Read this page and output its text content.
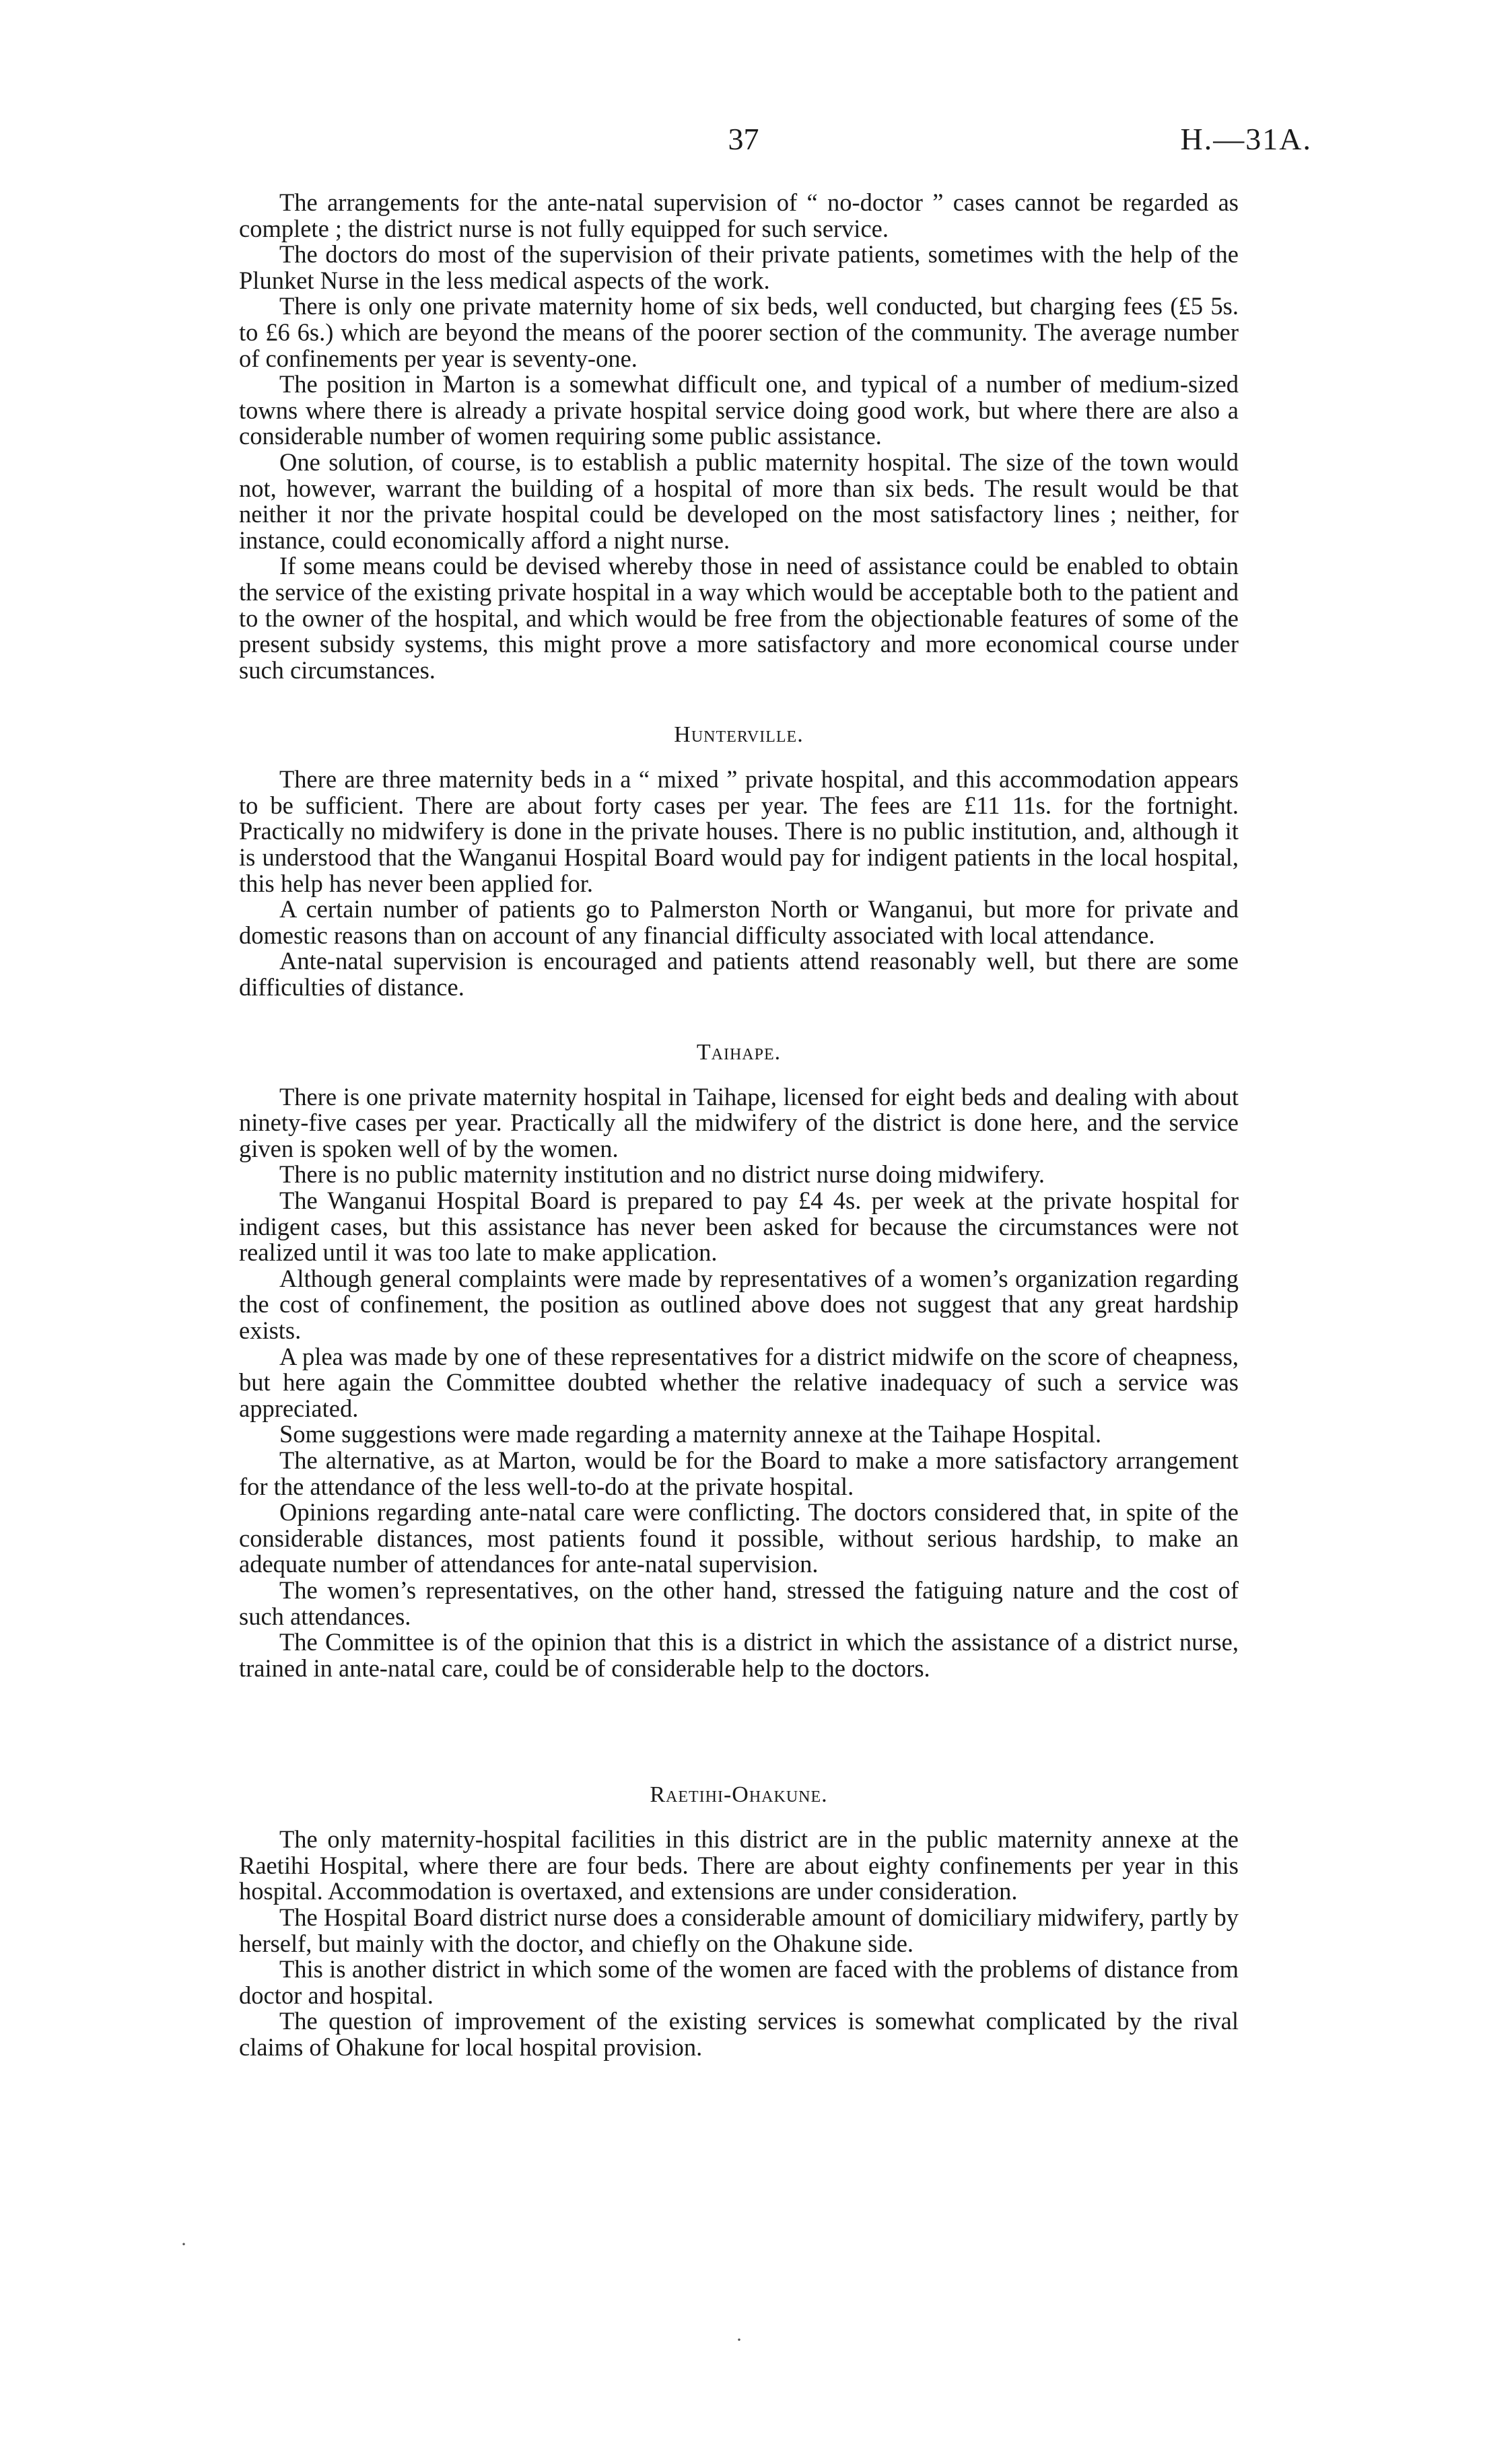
37	H.—31A.

The arrangements for the ante-natal supervision of “ no-doctor ” cases cannot be regarded as complete ; the district nurse is not fully equipped for such service.

The doctors do most of the supervision of their private patients, sometimes with the help of the Plunket Nurse in the less medical aspects of the work.

There is only one private maternity home of six beds, well conducted, but charging fees (£5 5s. to £6 6s.) which are beyond the means of the poorer section of the community. The average number of confinements per year is seventy-one.

The position in Marton is a somewhat difficult one, and typical of a number of medium-sized towns where there is already a private hospital service doing good work, but where there are also a considerable number of women requiring some public assistance.

One solution, of course, is to establish a public maternity hospital. The size of the town would not, however, warrant the building of a hospital of more than six beds. The result would be that neither it nor the private hospital could be developed on the most satisfactory lines ; neither, for instance, could economically afford a night nurse.

If some means could be devised whereby those in need of assistance could be enabled to obtain the service of the existing private hospital in a way which would be acceptable both to the patient and to the owner of the hospital, and which would be free from the objectionable features of some of the present subsidy systems, this might prove a more satisfactory and more economical course under such circumstances.

Hunterville.

There are three maternity beds in a “ mixed ” private hospital, and this accommodation appears to be sufficient. There are about forty cases per year. The fees are £11 11s. for the fortnight. Practically no midwifery is done in the private houses. There is no public institution, and, although it is understood that the Wanganui Hospital Board would pay for indigent patients in the local hospital, this help has never been applied for.

A certain number of patients go to Palmerston North or Wanganui, but more for private and domestic reasons than on account of any financial difficulty associated with local attendance.

Ante-natal supervision is encouraged and patients attend reasonably well, but there are some difficulties of distance.

Taihape.

There is one private maternity hospital in Taihape, licensed for eight beds and dealing with about ninety-five cases per year. Practically all the midwifery of the district is done here, and the service given is spoken well of by the women.

There is no public maternity institution and no district nurse doing midwifery.

The Wanganui Hospital Board is prepared to pay £4 4s. per week at the private hospital for indigent cases, but this assistance has never been asked for because the circumstances were not realized until it was too late to make application.

Although general complaints were made by representatives of a women’s organization regarding the cost of confinement, the position as outlined above does not suggest that any great hardship exists.

A plea was made by one of these representatives for a district midwife on the score of cheapness, but here again the Committee doubted whether the relative inadequacy of such a service was appreciated.

Some suggestions were made regarding a maternity annexe at the Taihape Hospital.

The alternative, as at Marton, would be for the Board to make a more satisfactory arrangement for the attendance of the less well-to-do at the private hospital.

Opinions regarding ante-natal care were conflicting. The doctors considered that, in spite of the considerable distances, most patients found it possible, without serious hardship, to make an adequate number of attendances for ante-natal supervision.

The women’s representatives, on the other hand, stressed the fatiguing nature and the cost of such attendances.

The Committee is of the opinion that this is a district in which the assistance of a district nurse, trained in ante-natal care, could be of considerable help to the doctors.

Raetihi-Ohakune.

The only maternity-hospital facilities in this district are in the public maternity annexe at the Raetihi Hospital, where there are four beds. There are about eighty confinements per year in this hospital. Accommodation is overtaxed, and extensions are under consideration.

The Hospital Board district nurse does a considerable amount of domiciliary midwifery, partly by herself, but mainly with the doctor, and chiefly on the Ohakune side.

This is another district in which some of the women are faced with the problems of distance from doctor and hospital.

The question of improvement of the existing services is somewhat complicated by the rival claims of Ohakune for local hospital provision.

·
·
